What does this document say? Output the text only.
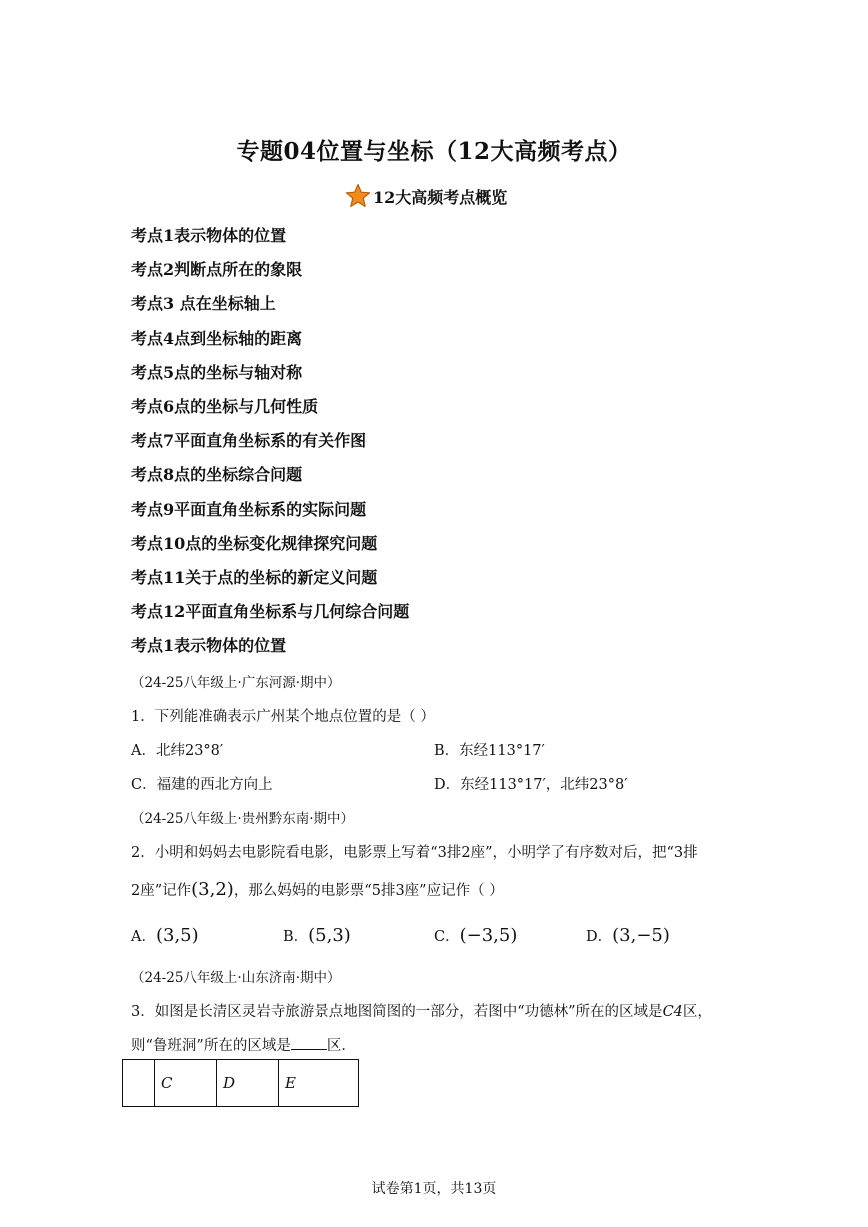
专题04位置与坐标（12大高频考点）
12大高频考点概览
考点1表示物体的位置
考点2判断点所在的象限
考点3 点在坐标轴上
考点4点到坐标轴的距离
考点5点的坐标与轴对称
考点6点的坐标与几何性质
考点7平面直角坐标系的有关作图
考点8点的坐标综合问题
考点9平面直角坐标系的实际问题
考点10点的坐标变化规律探究问题
考点11关于点的坐标的新定义问题
考点12平面直角坐标系与几何综合问题
考点1表示物体的位置
（24-25八年级上·广东河源·期中）
1．下列能准确表示广州某个地点位置的是（ ）
A．北纬23°8′	B．东经113°17′
C．福建的西北方向上	D．东经113°17′，北纬23°8′
（24-25八年级上·贵州黔东南·期中）
2．小明和妈妈去电影院看电影，电影票上写着“3排2座”，小明学了有序数对后，把“3排
2座”记作(3,2)，那么妈妈的电影票“5排3座”应记作（ ）
A．(3,5)	B．(5,3)	C．(−3,5)	D．(3,−5)
（24-25八年级上·山东济南·期中）
3．如图是长清区灵岩寺旅游景点地图简图的一部分，若图中“功德林”所在的区域是C4区，
则“鲁班洞”所在的区域是 区．
	C	D	E
试卷第1页，共13页
